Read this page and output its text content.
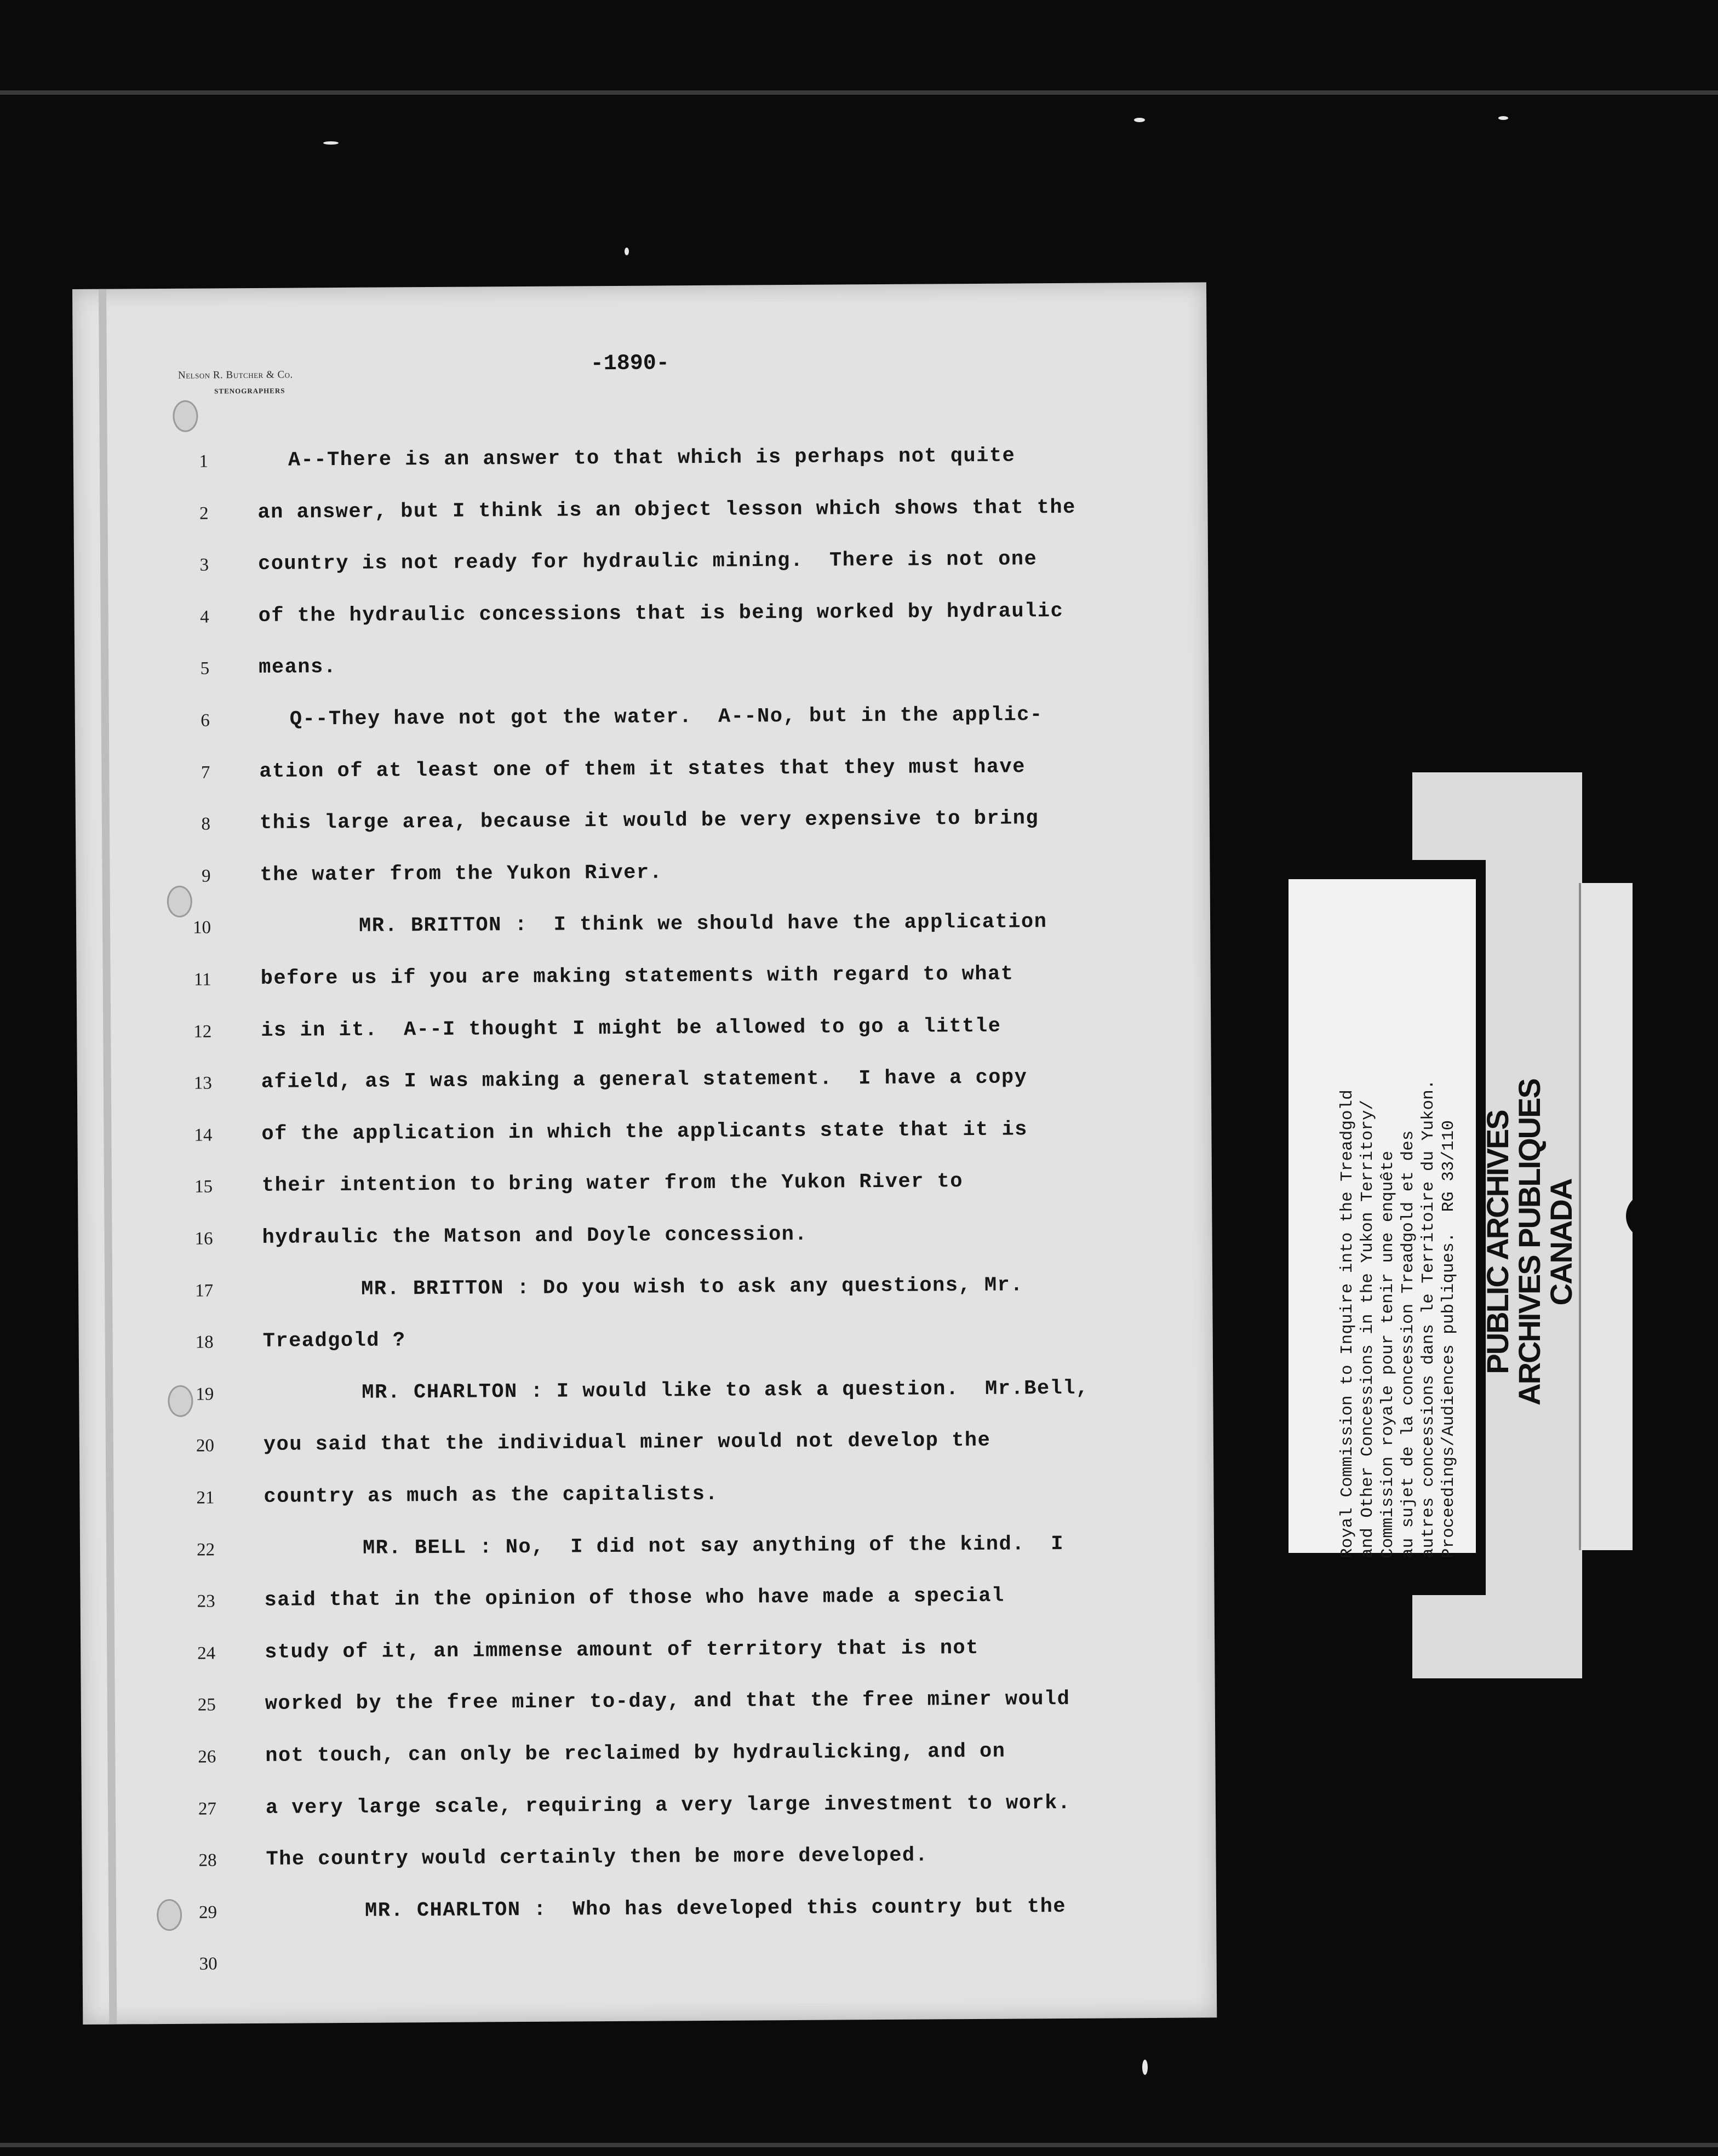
Nelson R. Butcher & Co.
STENOGRAPHERS
-1890-
1	A--There is an answer to that which is perhaps not quite
2 an answer, but I think is an object lesson which shows that the
3 country is not ready for hydraulic mining.  There is not one
4 of the hydraulic concessions that is being worked by hydraulic
5 means.
6	Q--They have not got the water.  A--No, but in the applic-
7 ation of at least one of them it states that they must have
8 this large area, because it would be very expensive to bring
9 the water from the Yukon River.
10	MR. BRITTON :  I think we should have the application
11 before us if you are making statements with regard to what
12 is in it.  A--I thought I might be allowed to go a little
13 afield, as I was making a general statement.  I have a copy
14 of the application in which the applicants state that it is
15 their intention to bring water from the Yukon River to
16 hydraulic the Matson and Doyle concession.
17	MR. BRITTON : Do you wish to ask any questions, Mr.
18 Treadgold ?
19	MR. CHARLTON : I would like to ask a question.  Mr.Bell,
20 you said that the individual miner would not develop the
21 country as much as the capitalists.
22	MR. BELL : No,  I did not say anything of the kind.  I
23 said that in the opinion of those who have made a special
24 study of it, an immense amount of territory that is not
25 worked by the free miner to-day, and that the free miner would
26 not touch, can only be reclaimed by hydraulicking, and on
27 a very large scale, requiring a very large investment to work.
28 The country would certainly then be more developed.
29	MR. CHARLTON :  Who has developed this country but the
30
Royal Commission to Inquire into the Treadgold and Other Concessions in the Yukon Territory/ Commission royale pour tenir une enquête au sujet de la concession Treadgold et des autres concessions dans le Territoire du Yukon. Proceedings/Audiences publiques.  RG 33/110 PUBLIC ARCHIVES
ARCHIVES PUBLIQUES
CANADA
